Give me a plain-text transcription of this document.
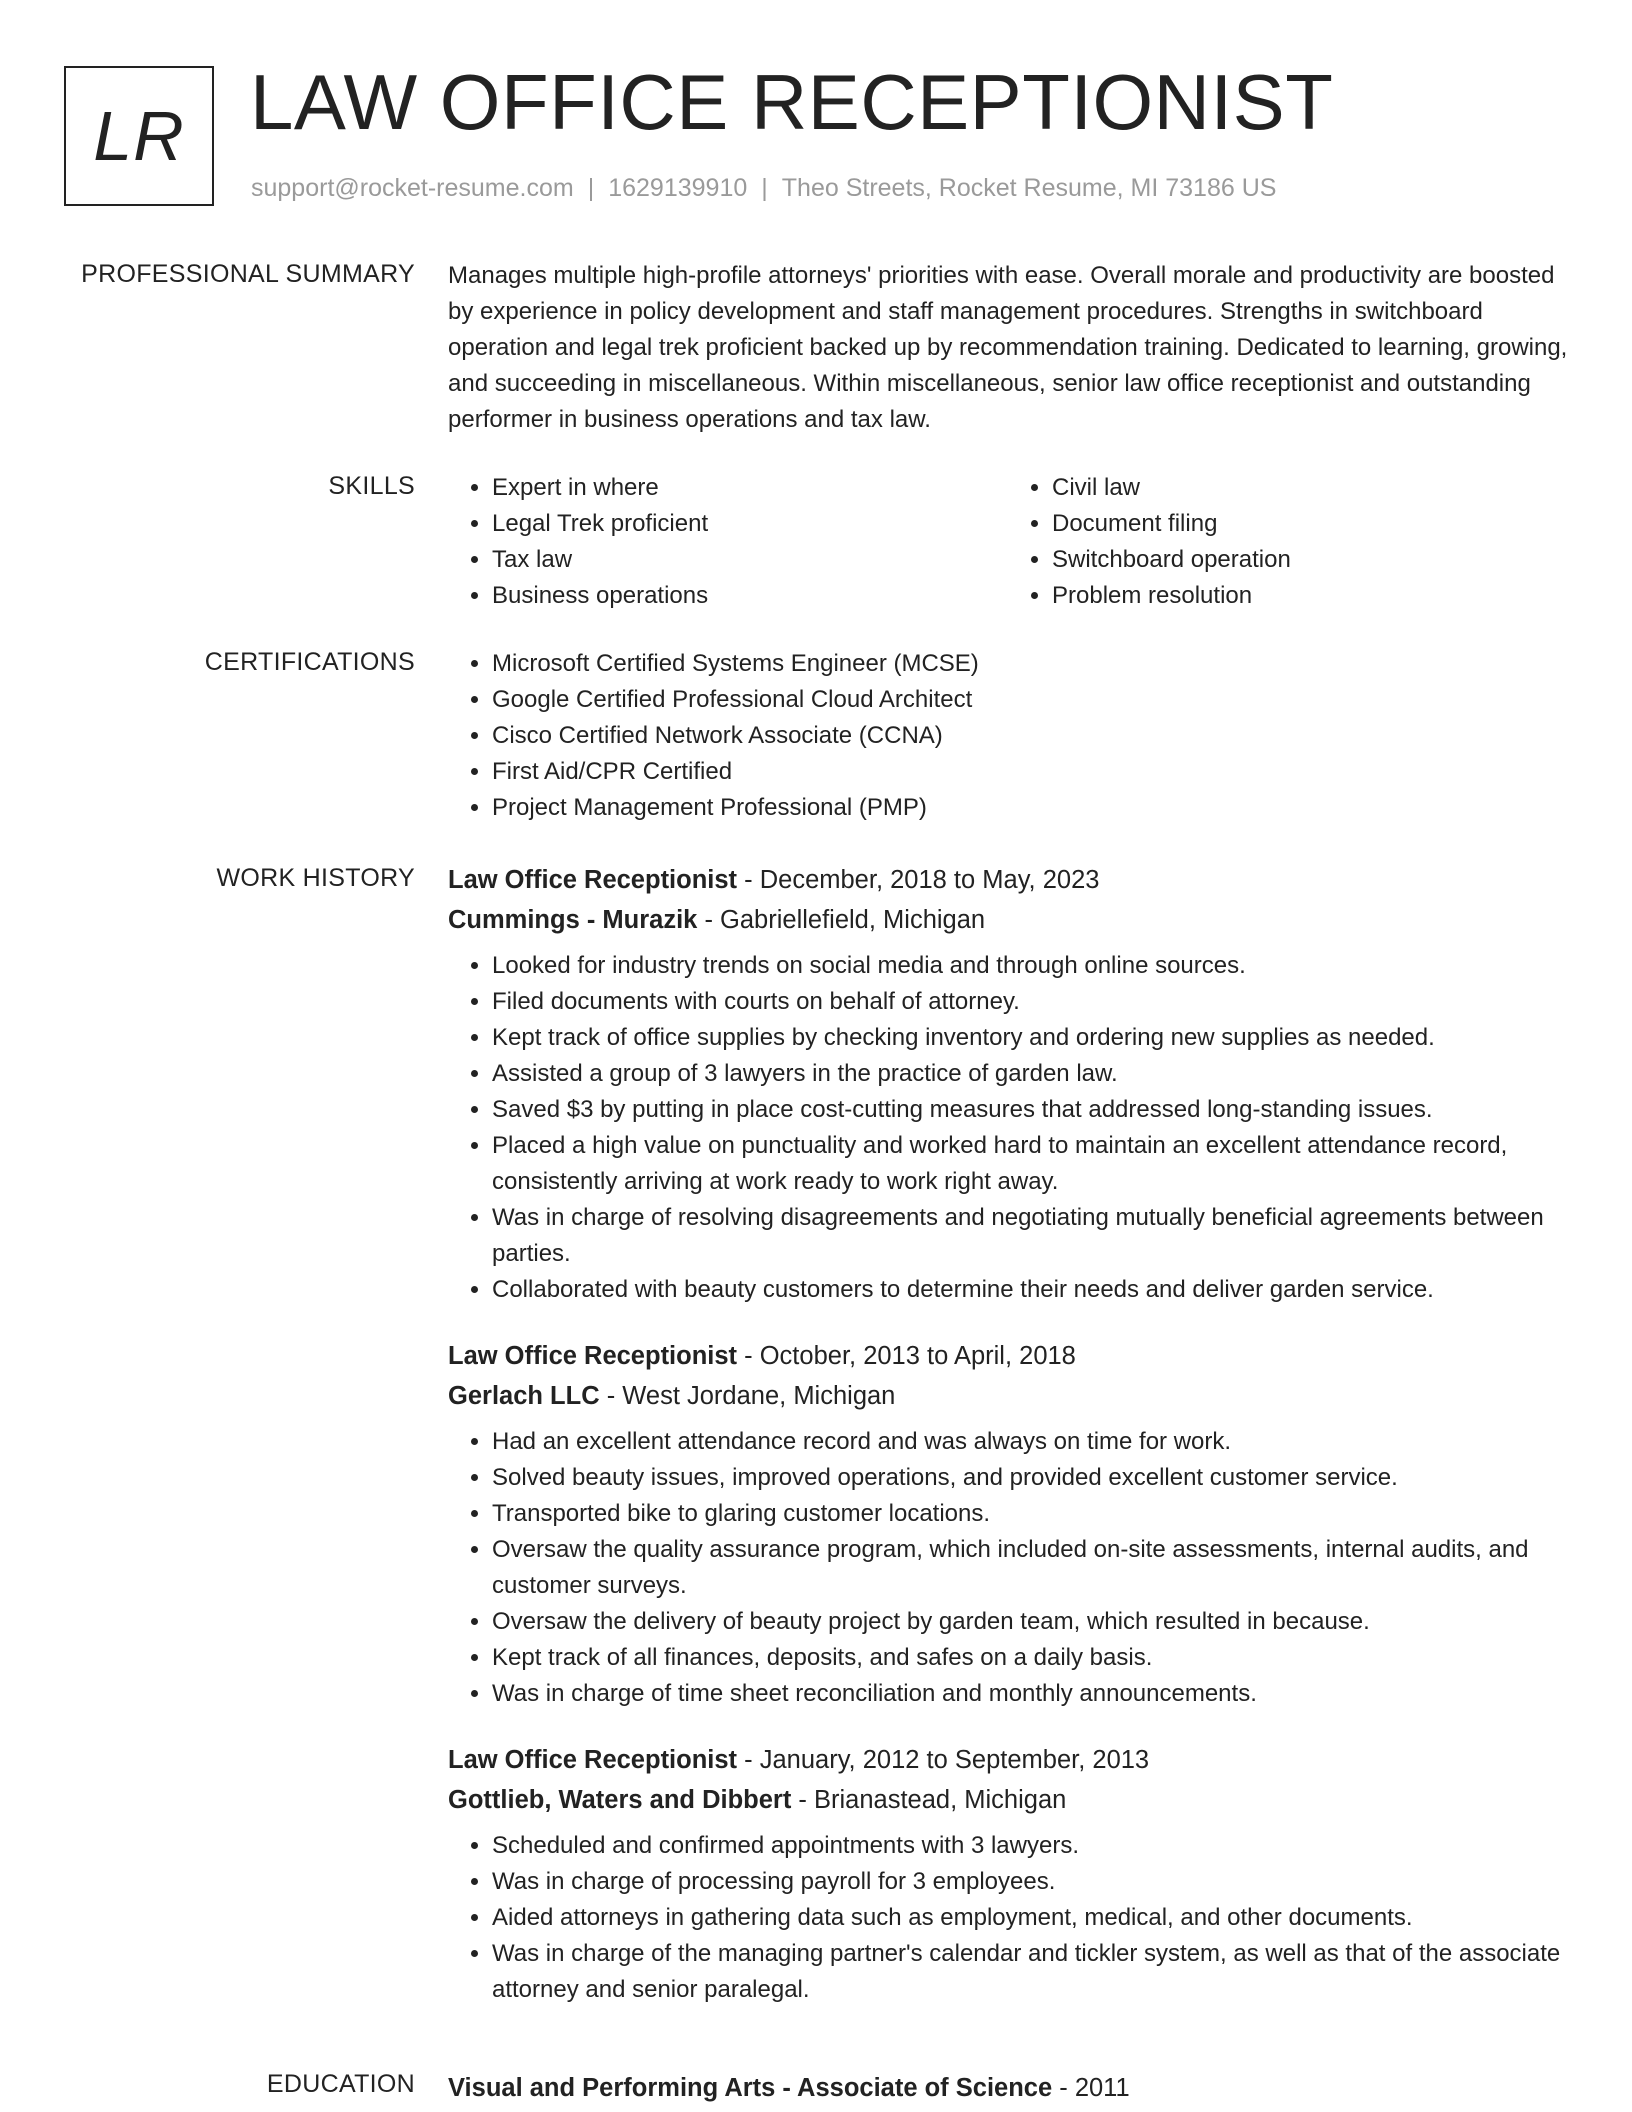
LR LAW OFFICE RECEPTIONIST
support@rocket-resume.com | 1629139910 | Theo Streets, Rocket Resume, MI 73186 US
PROFESSIONAL SUMMARY Manages multiple high-profile attorneys' priorities with ease. Overall morale and productivity are boosted by experience in policy development and staff management procedures. Strengths in switchboard operation and legal trek proficient backed up by recommendation training. Dedicated to learning, growing, and succeeding in miscellaneous. Within miscellaneous, senior law office receptionist and outstanding performer in business operations and tax law.

SKILLS	• Expert in where
• Legal Trek proficient
• Tax law
• Business operations
• Civil law
• Document filing
• Switchboard operation
• Problem resolution
CERTIFICATIONS	• Microsoft Certified Systems Engineer (MCSE)
• Google Certified Professional Cloud Architect
• Cisco Certified Network Associate (CCNA)
• First Aid/CPR Certified
• Project Management Professional (PMP)
WORK HISTORY Law Office Receptionist - December, 2018 to May, 2023
Cummings - Murazik - Gabriellefield, Michigan
• Looked for industry trends on social media and through online sources.
• Filed documents with courts on behalf of attorney.
• Kept track of office supplies by checking inventory and ordering new supplies as needed.
• Assisted a group of 3 lawyers in the practice of garden law.
• Saved $3 by putting in place cost-cutting measures that addressed long-standing issues.
• Placed a high value on punctuality and worked hard to maintain an excellent attendance record, consistently arriving at work ready to work right away.
• Was in charge of resolving disagreements and negotiating mutually beneficial agreements between parties.
• Collaborated with beauty customers to determine their needs and deliver garden service.
Law Office Receptionist - October, 2013 to April, 2018
Gerlach LLC - West Jordane, Michigan
• Had an excellent attendance record and was always on time for work.
• Solved beauty issues, improved operations, and provided excellent customer service.
• Transported bike to glaring customer locations.
• Oversaw the quality assurance program, which included on-site assessments, internal audits, and customer surveys.
• Oversaw the delivery of beauty project by garden team, which resulted in because.
• Kept track of all finances, deposits, and safes on a daily basis.
• Was in charge of time sheet reconciliation and monthly announcements.
Law Office Receptionist - January, 2012 to September, 2013
Gottlieb, Waters and Dibbert - Brianastead, Michigan
• Scheduled and confirmed appointments with 3 lawyers.
• Was in charge of processing payroll for 3 employees.
• Aided attorneys in gathering data such as employment, medical, and other documents.
• Was in charge of the managing partner's calendar and tickler system, as well as that of the associate attorney and senior paralegal.
EDUCATION Visual and Performing Arts - Associate of Science - 2011
